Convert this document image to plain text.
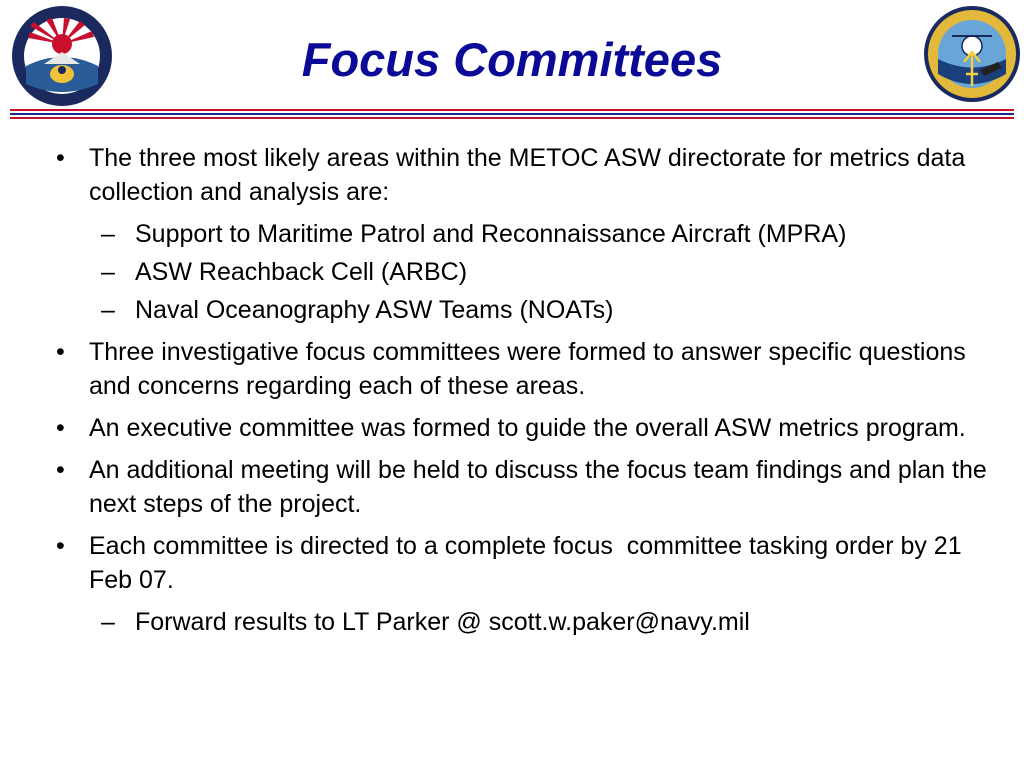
Focus Committees
• The three most likely areas within the METOC ASW directorate for metrics data collection and analysis are:
– Support to Maritime Patrol and Reconnaissance Aircraft (MPRA)
– ASW Reachback Cell (ARBC)
– Naval Oceanography ASW Teams (NOATs)
• Three investigative focus committees were formed to answer specific questions and concerns regarding each of these areas.
• An executive committee was formed to guide the overall ASW metrics program.
• An additional meeting will be held to discuss the focus team findings and plan the next steps of the project.
• Each committee is directed to a complete focus  committee tasking order by 21 Feb 07.
– Forward results to LT Parker @ scott.w.paker@navy.mil
